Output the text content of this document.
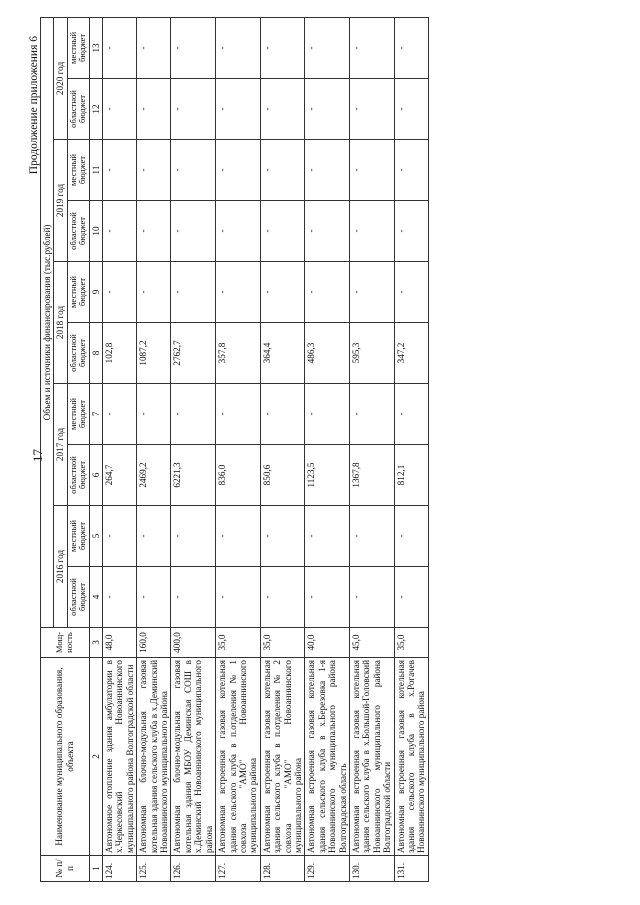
17
Продолжение приложения 6
№ п/п	Наименование муниципального образования, объекта	Мощ-ность	Объем и источники финансирования (тыс.рублей)									
			2016 год		2017 год		2018 год		2019 год		2020 год	
			областной бюджет	местный бюджет	областной бюджет	местный бюджет	областной бюджет	местный бюджет	областной бюджет	местный бюджет	областной бюджет	местный бюджет
1	2	3	4	5	6	7	8	9	10	11	12	13
124.	Автономное отопление здания амбулатории в х.Черкесовский Новоаннинского муниципального района Волгоградской области	48,0	-	-	264,7	-	102,8	-	-	-	-	-
125.	Автономная блочно-модульная газовая котельная здания сельского клуба в х.Деминский Новоаннинского муниципального района	160,0	-	-	2469,2	-	1087,2	-	-	-	-	-
126.	Автономная блочно-модульная газовая котельная здания МБОУ Деминская СОШ в х.Деминский Новоаннинского муниципального района	400,0	-	-	6221,3	-	2762,7	-	-	-	-	-
127.	Автономная встроенная газовая котельная здания сельского клуба в п.отделения № 1 совхоза "АМО" Новоаннинского муниципального района	35,0	-	-	836,0	-	357,8	-	-	-	-	-
128.	Автономная встроенная газовая котельная здания сельского клуба в п.отделения № 2 совхоза "АМО" Новоаннинского муниципального района	35,0	-	-	850,6	-	364,4	-	-	-	-	-
129.	Автономная встроенная газовая котельная здания сельского клуба в х.Березовка 1-я Новоаннинского муниципального района Волгоградская область	40,0	-	-	1123,5	-	486,3	-	-	-	-	-
130.	Автономная встроенная газовая котельная здания сельского клуба в х.Большой-Головский Новоаннинского муниципального района Волгоградской области	45,0	-	-	1367,8	-	595,3	-	-	-	-	-
131.	Автономная встроенная газовая котельная здания сельского клуба в х.Рогачев Новоаннинского муниципального района	35,0	-	-	812,1	-	347,2	-	-	-	-	-
